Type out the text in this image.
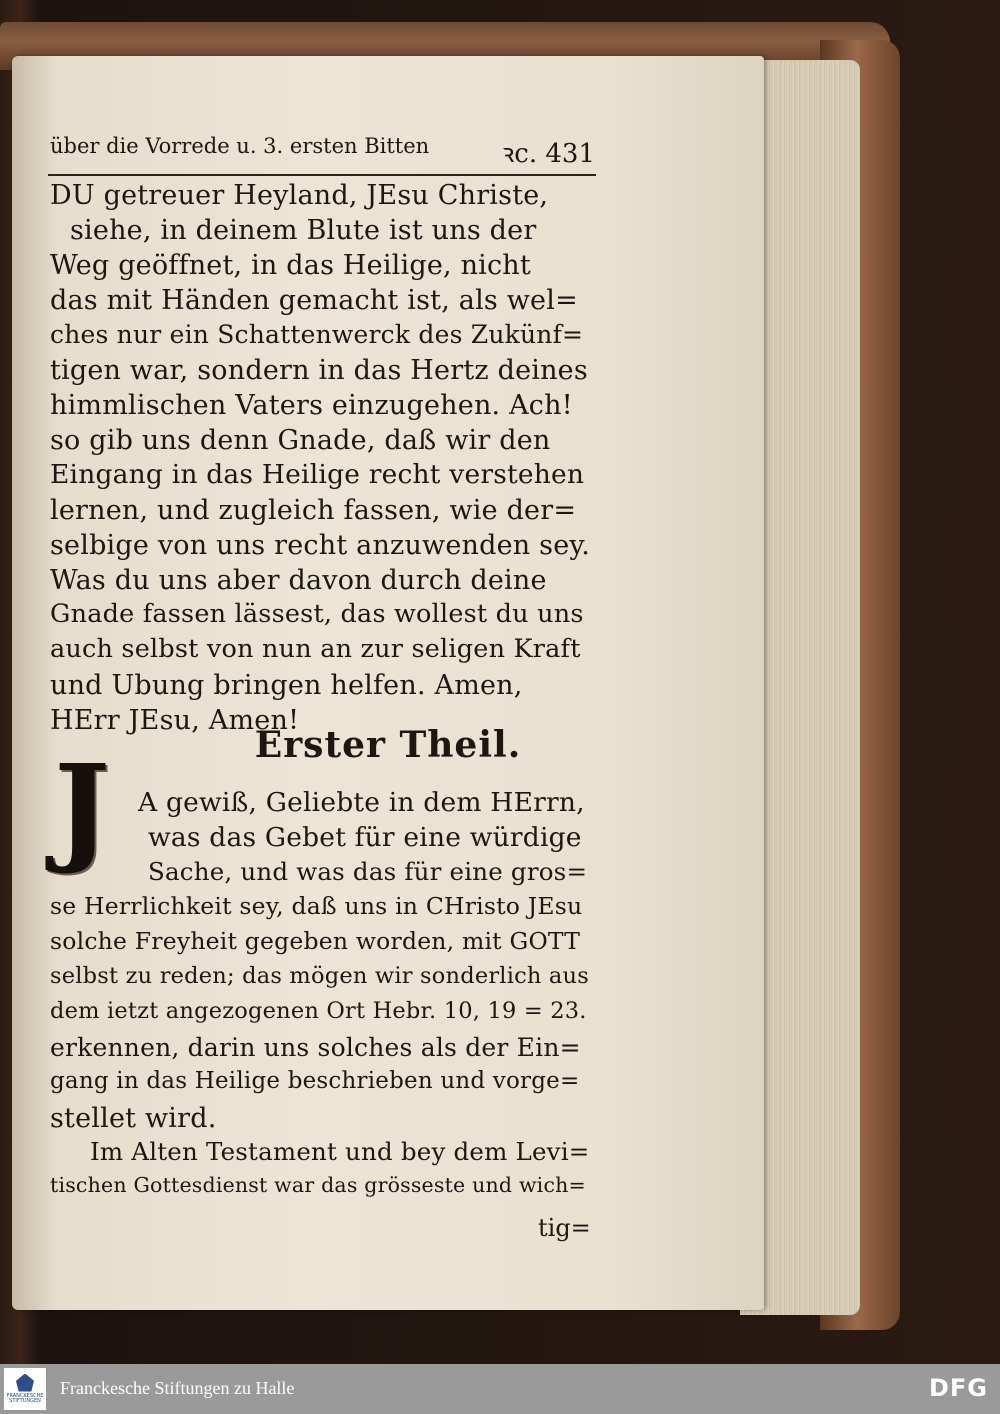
über die Vorrede u. 3. ersten Bitten	ꝛc. 431
DU getreuer Heyland, JEsu Christe,
siehe, in deinem Blute ist uns der
Weg geöffnet, in das Heilige, nicht
das mit Händen gemacht ist, als wel=
ches nur ein Schattenwerck des Zukünf=
tigen war, sondern in das Hertz deines
himmlischen Vaters einzugehen. Ach!
so gib uns denn Gnade, daß wir den
Eingang in das Heilige recht verstehen
lernen, und zugleich fassen, wie der=
selbige von uns recht anzuwenden sey.
Was du uns aber davon durch deine
Gnade fassen lässest, das wollest du uns
auch selbst von nun an zur seligen Kraft
und Ubung bringen helfen. Amen,
HErr JEsu, Amen!
Erster Theil.
J	A gewiß, Geliebte in dem HErrn,
was das Gebet für eine würdige
Sache, und was das für eine gros=
se Herrlichkeit sey, daß uns in CHristo JEsu
solche Freyheit gegeben worden, mit GOTT
selbst zu reden; das mögen wir sonderlich aus
dem ietzt angezogenen Ort Hebr. 10, 19 = 23.
erkennen, darin uns solches als der Ein=
gang in das Heilige beschrieben und vorge=
stellet wird.
Im Alten Testament und bey dem Levi=
tischen Gottesdienst war das grösseste und wich=
tig=
FRANCKESCHE STIFTUNGEN
Franckesche Stiftungen zu Halle	DFG
